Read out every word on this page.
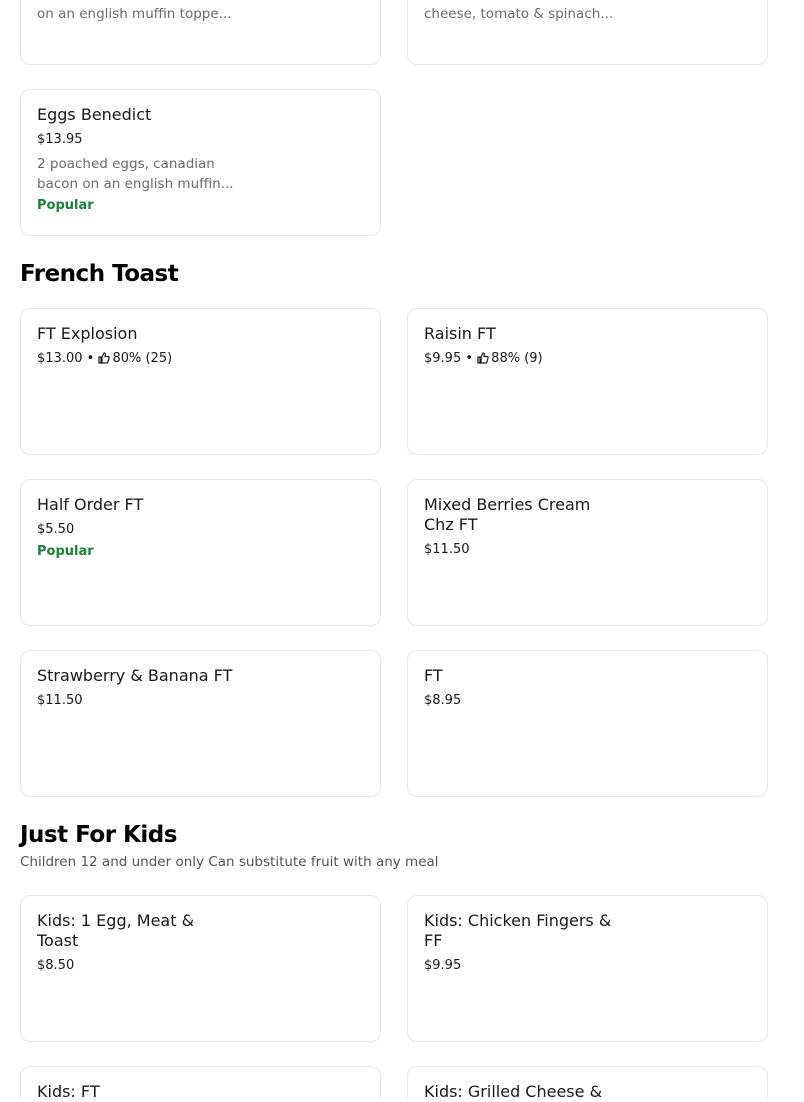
on an english muffin toppe...	cheese, tomato & spinach...
Eggs Benedict
$13.95
2 poached eggs, canadian bacon on an english muffin...
Popular
French Toast
FT Explosion
$13.00 • 80% (25)
Raisin FT
$9.95 • 88% (9)
Half Order FT
$5.50
Popular
Mixed Berries Cream Chz FT
$11.50
Strawberry & Banana FT
$11.50
FT
$8.95
Just For Kids
Children 12 and under only Can substitute fruit with any meal
Kids: 1 Egg, Meat & Toast
$8.50
Kids: Chicken Fingers & FF
$9.95
Kids: FT	Kids: Grilled Cheese &
